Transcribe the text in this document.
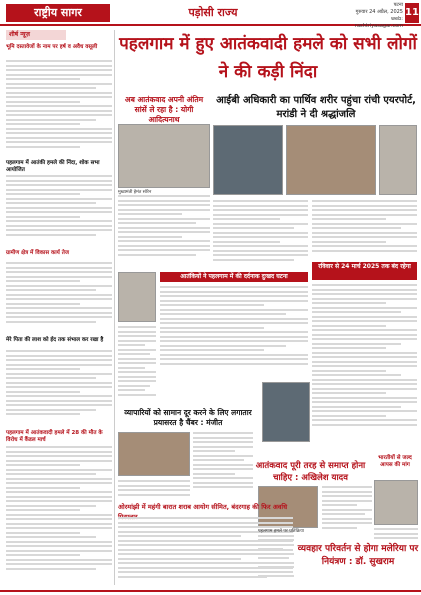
राष्ट्रीय सागर	पड़ोसी राज्य
पटना
गुरुवार 24 अप्रैल, 2025
web: rashtriyasagar.com
11
शीर्ष न्यूज़
भूमि दस्तावेजों के नाम पर हर्ष व अवैध वसूली
पहलगाम में आतंकी हमले की निंदा, शोक सभा आयोजित
ग्रामीण क्षेत्र में विकास कार्य तेज
मेरे पिता की लाश को ईद तक संभाल कर रखा है
पहलगाम में आतंकवादी हमले में 28 की मौत के विरोध में कैंडल मार्च
पहलगाम में हुए आतंकवादी हमले को सभी लोगों ने की कड़ी निंदा
अब आतंकवाद अपनी अंतिम सांसें ले रहा है : योगी आदित्यनाथ
आईबी अधिकारी का पार्थिव शरीर पहुंचा रांची एयरपोर्ट, मरांडी ने दी श्रद्धांजलि
रविवार से 24 मार्च 2025 तक बंद रहेगा
आतंकियों ने पहलगाम में की दर्दनाक दुःखद घटना
व्यापारियों को सामान दूर करने के लिए लगातार प्रयासरत है चैंबर : मंजीत
आतंकवाद पूरी तरह से समाप्त होना चाहिए : अखिलेश यादव
भारतीयों से जल्द आपस की मांग
ओरमांझी में महंगी बारात शराब आयोग सीमित, बंदरगाह की फिर अवधि
व्यवहार परिवर्तन से होगा मलेरिया पर नियंत्रण : डॉ. सुखराम
मुख्यमंत्री हेमंत सोरेन
पहलगाम हमले पर प्रतिक्रिया
